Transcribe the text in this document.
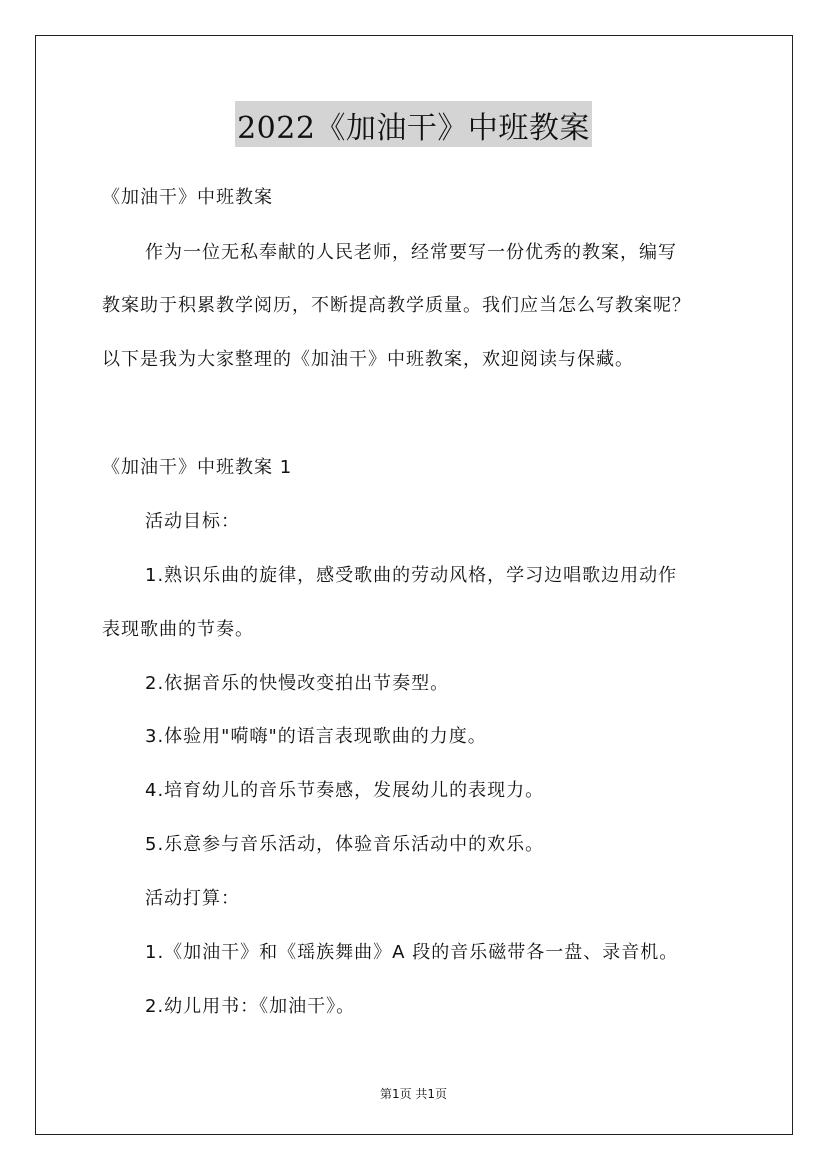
2022《加油干》中班教案
《加油干》中班教案
作为一位无私奉献的人民老师，经常要写一份优秀的教案，编写
教案助于积累教学阅历，不断提高教学质量。我们应当怎么写教案呢？
以下是我为大家整理的《加油干》中班教案，欢迎阅读与保藏。
《加油干》中班教案 1
活动目标：
1.熟识乐曲的旋律，感受歌曲的劳动风格，学习边唱歌边用动作
表现歌曲的节奏。
2.依据音乐的快慢改变拍出节奏型。
3.体验用"嗬嗨"的语言表现歌曲的力度。
4.培育幼儿的音乐节奏感，发展幼儿的表现力。
5.乐意参与音乐活动，体验音乐活动中的欢乐。
活动打算：
1.《加油干》和《瑶族舞曲》A 段的音乐磁带各一盘、录音机。
2.幼儿用书：《加油干》。
第1页 共1页
